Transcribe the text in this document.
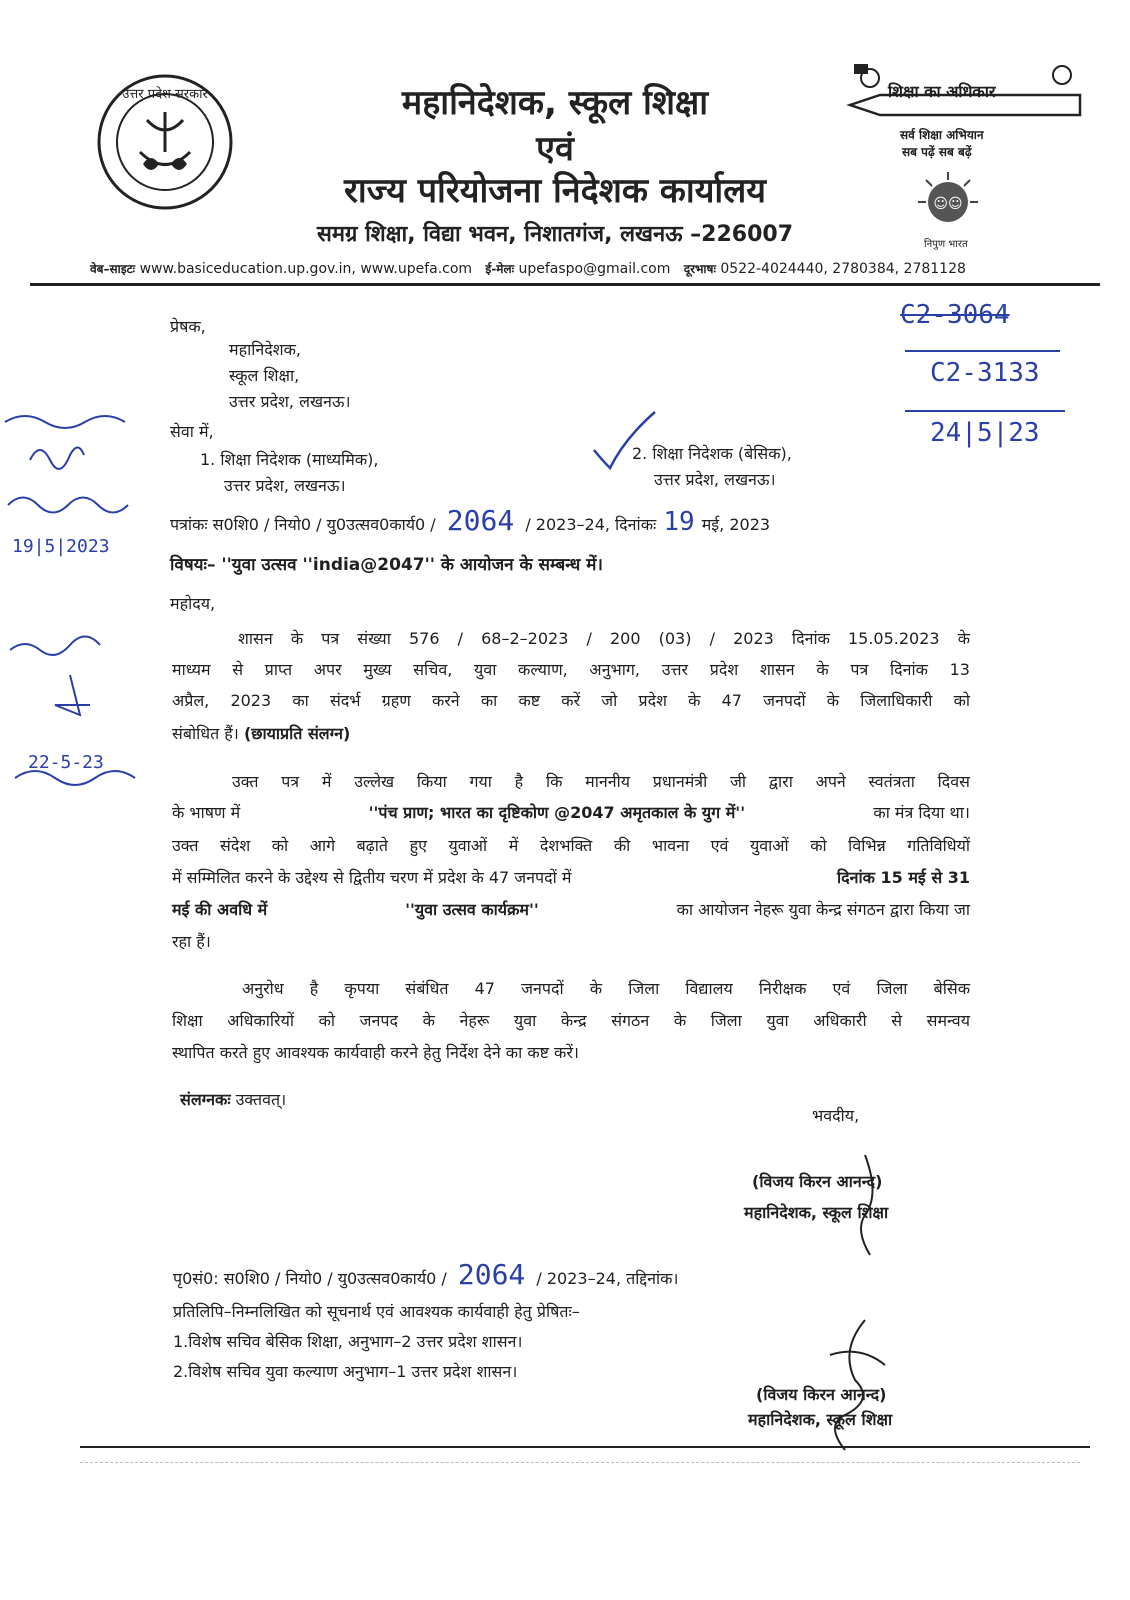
उत्तर प्रदेश सरकार	महानिदेशक, स्कूल शिक्षा
एवं
राज्य परियोजना निदेशक कार्यालय
समग्र शिक्षा, विद्या भवन, निशातगंज, लखनऊ –226007
शिक्षा का अधिकार
सर्व शिक्षा अभियान
सब पढ़ें सब बढ़ें
☺☺
निपुण भारत
वेब–साइटः www.basiceducation.up.gov.in, www.upefa.com ई-मेलः upefaspo@gmail.com दूरभाषः 0522-4024440, 2780384, 2781128
C2-3064
C2-3133
24|5|23
19|5|2023
22-5-23
प्रेषक,
महानिदेशक,
स्कूल शिक्षा,
उत्तर प्रदेश, लखनऊ।
सेवा में,
1. शिक्षा निदेशक (माध्यमिक),
उत्तर प्रदेश, लखनऊ।
2. शिक्षा निदेशक (बेसिक),
उत्तर प्रदेश, लखनऊ।
पत्रांकः स0शि0 / नियो0 / यु0उत्सव0कार्य0 / 2064 / 2023–24, दिनांकः 19 मई, 2023
विषयः– ''युवा उत्सव ''india@2047'' के आयोजन के सम्बन्ध में।
महोदय,
शासन के पत्र संख्या 576 / 68–2–2023 / 200 (03) / 2023 दिनांक 15.05.2023 के
माध्यम से प्राप्त अपर मुख्य सचिव, युवा कल्याण, अनुभाग, उत्तर प्रदेश शासन के पत्र दिनांक 13
अप्रैल, 2023 का संदर्भ ग्रहण करने का कष्ट करें जो प्रदेश के 47 जनपदों के जिलाधिकारी को
संबोधित हैं। (छायाप्रति संलग्न)
उक्त पत्र में उल्लेख किया गया है कि माननीय प्रधानमंत्री जी द्वारा अपने स्वतंत्रता दिवस
के भाषण में	''पंच प्राण; भारत का दृष्टिकोण @2047 अमृतकाल के युग में''	का मंत्र दिया था।
उक्त संदेश को आगे बढ़ाते हुए युवाओं में देशभक्ति की भावना एवं युवाओं को विभिन्न गतिविधियों
में सम्मिलित करने के उद्देश्य से द्वितीय चरण में प्रदेश के 47 जनपदों में	दिनांक 15 मई से 31
मई की अवधि में	''युवा उत्सव कार्यक्रम''	का आयोजन नेहरू युवा केन्द्र संगठन द्वारा किया जा
रहा हैं।
अनुरोध है कृपया संबंधित 47 जनपदों के जिला विद्यालय निरीक्षक एवं जिला बेसिक
शिक्षा अधिकारियों को जनपद के नेहरू युवा केन्द्र संगठन के जिला युवा अधिकारी से समन्वय
स्थापित करते हुए आवश्यक कार्यवाही करने हेतु निर्देश देने का कष्ट करें।
संलग्नकः उक्तवत्।
भवदीय,
(विजय किरन आनन्द)
महानिदेशक, स्कूल शिक्षा
पृ0सं0: स0शि0 / नियो0 / यु0उत्सव0कार्य0 / 2064 / 2023–24, तद्दिनांक।
प्रतिलिपि–निम्नलिखित को सूचनार्थ एवं आवश्यक कार्यवाही हेतु प्रेषितः–
1.विशेष सचिव बेसिक शिक्षा, अनुभाग–2 उत्तर प्रदेश शासन।
2.विशेष सचिव युवा कल्याण अनुभाग–1 उत्तर प्रदेश शासन।
(विजय किरन आनन्द)
महानिदेशक, स्कूल शिक्षा
